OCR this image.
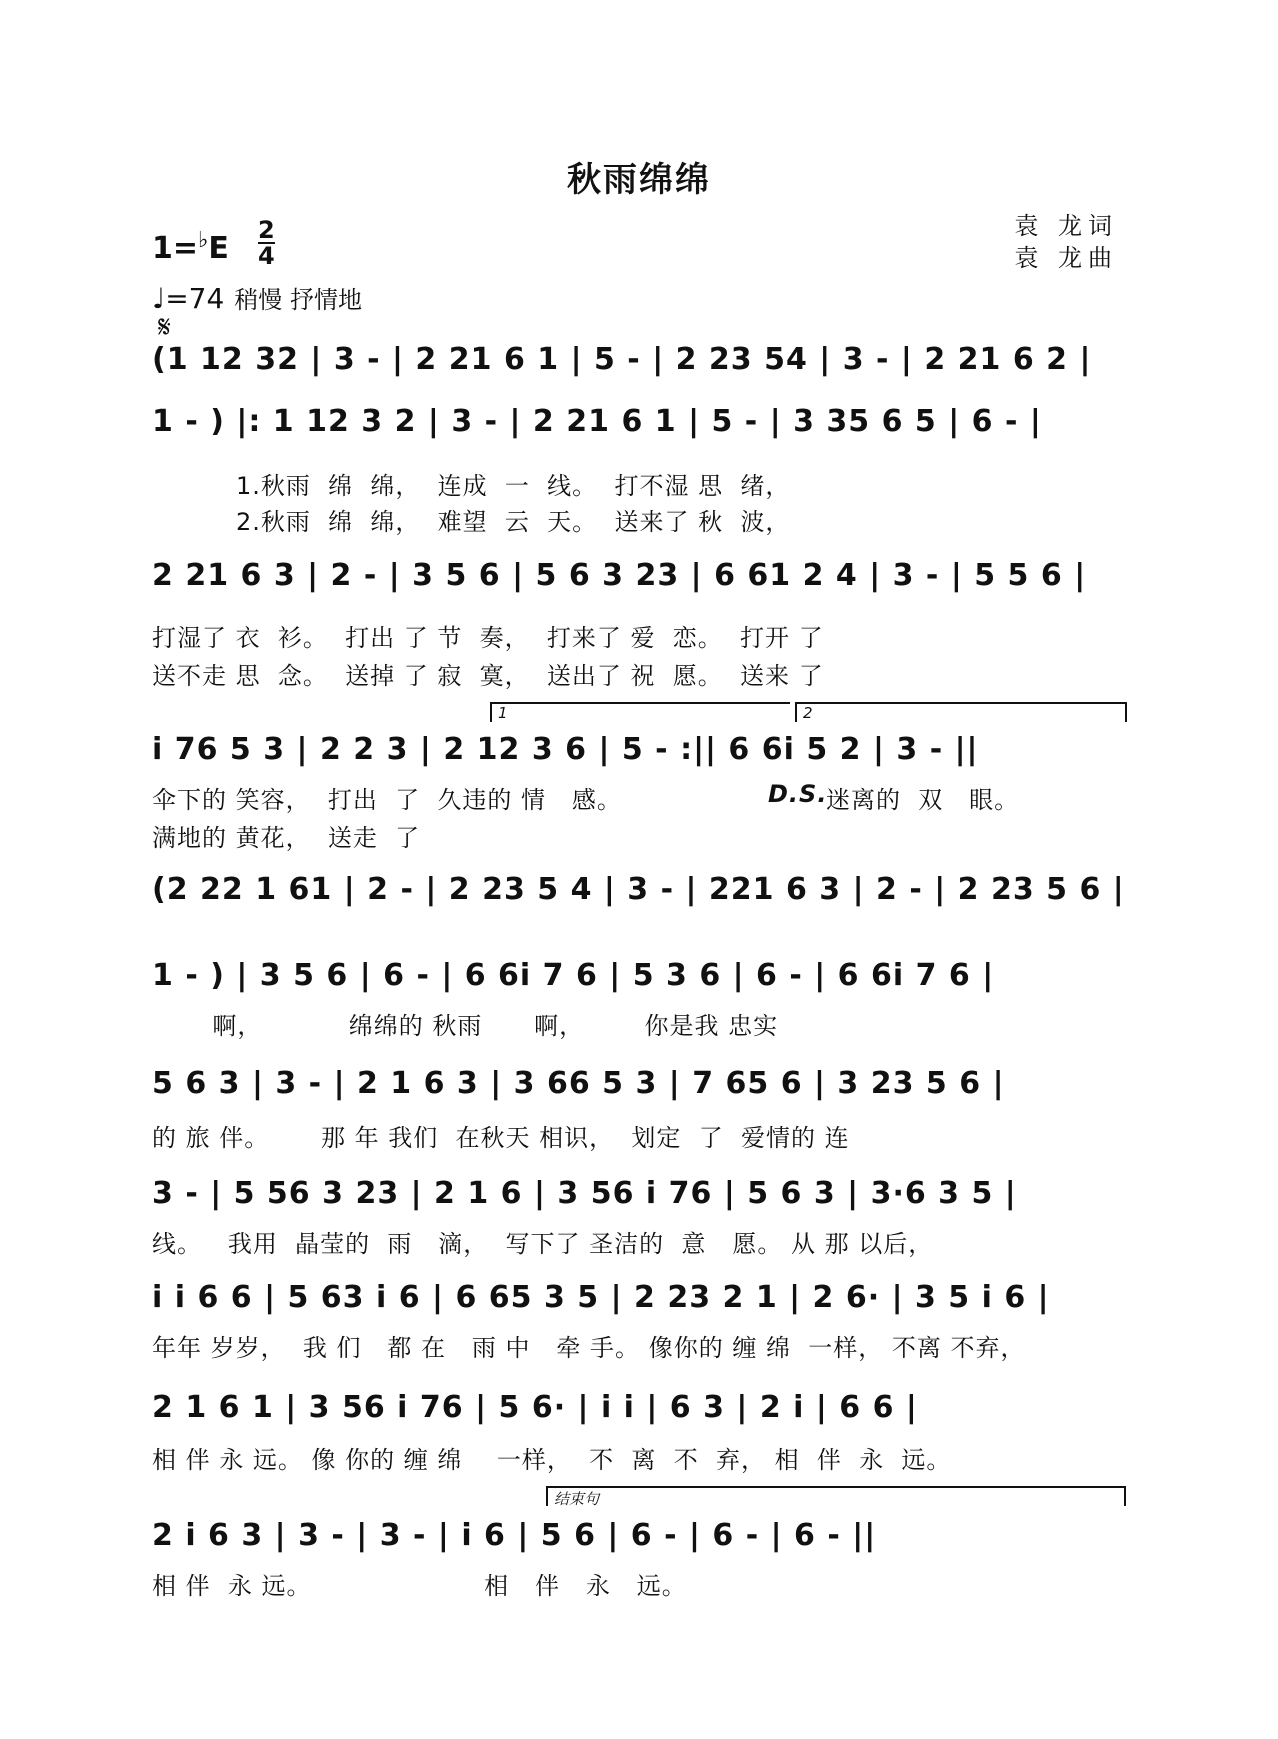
秋雨绵绵
1=♭E
2
4
♩=74 稍慢 抒情地
袁 龙词
袁 龙曲
𝄋
(1 12 32 | 3 - | 2 21 6 1 | 5 - | 2 23 54 | 3 - | 2 21 6 2 |
1 - ) |: 1 12 3 2 | 3 - | 2 21 6 1 | 5 - | 3 35 6 5 | 6 - |
1.秋雨  绵  绵，  连成  一  线。  打不湿 思  绪，
2.秋雨  绵  绵，  难望  云  天。  送来了 秋  波，
2 21 6 3 | 2 - | 3 5 6 | 5 6 3 23 | 6 61 2 4 | 3 - | 5 5 6 |
打湿了 衣  衫。  打出 了 节  奏，  打来了 爱  恋。  打开 了
送不走 思  念。  送掉 了 寂  寞，  送出了 祝  愿。  送来 了
1	2
i 76 5 3 | 2 2 3 | 2 12 3 6 | 5 - :|| 6 6i 5 2 | 3 - ||
伞下的 笑容，  打出  了  久违的 情   感。	D.S.
迷离的  双   眼。
满地的 黄花，  送走  了
(2 22 1 61 | 2 - | 2 23 5 4 | 3 - | 221 6 3 | 2 - | 2 23 5 6 |
1 - ) | 3 5 6 | 6 - | 6 6i 7 6 | 5 3 6 | 6 - | 6 6i 7 6 |
啊，          绵绵的 秋雨      啊，       你是我 忠实
5 6 3 | 3 - | 2 1 6 3 | 3 66 5 3 | 7 65 6 | 3 23 5 6 |
的 旅 伴。      那 年 我们  在秋天 相识，  划定  了  爱情的 连
3 - | 5 56 3 23 | 2 1 6 | 3 56 i 76 | 5 6 3 | 3·6 3 5 |
线。   我用  晶莹的  雨   滴，  写下了 圣洁的  意   愿。 从 那 以后，
i i 6 6 | 5 63 i 6 | 6 65 3 5 | 2 23 2 1 | 2 6· | 3 5 i 6 |
年年 岁岁，  我 们   都 在   雨 中   牵 手。 像你的 缠 绵  一样， 不离 不弃，
2 1 6 1 | 3 56 i 76 | 5 6· | i i | 6 3 | 2 i | 6 6 |
相 伴 永 远。 像 你的 缠 绵    一样，  不  离  不  弃， 相  伴  永  远。
结束句
2 i 6 3 | 3 - | 3 - | i 6 | 5 6 | 6 - | 6 - | 6 - ||
相 伴  永 远。                    相   伴   永   远。
